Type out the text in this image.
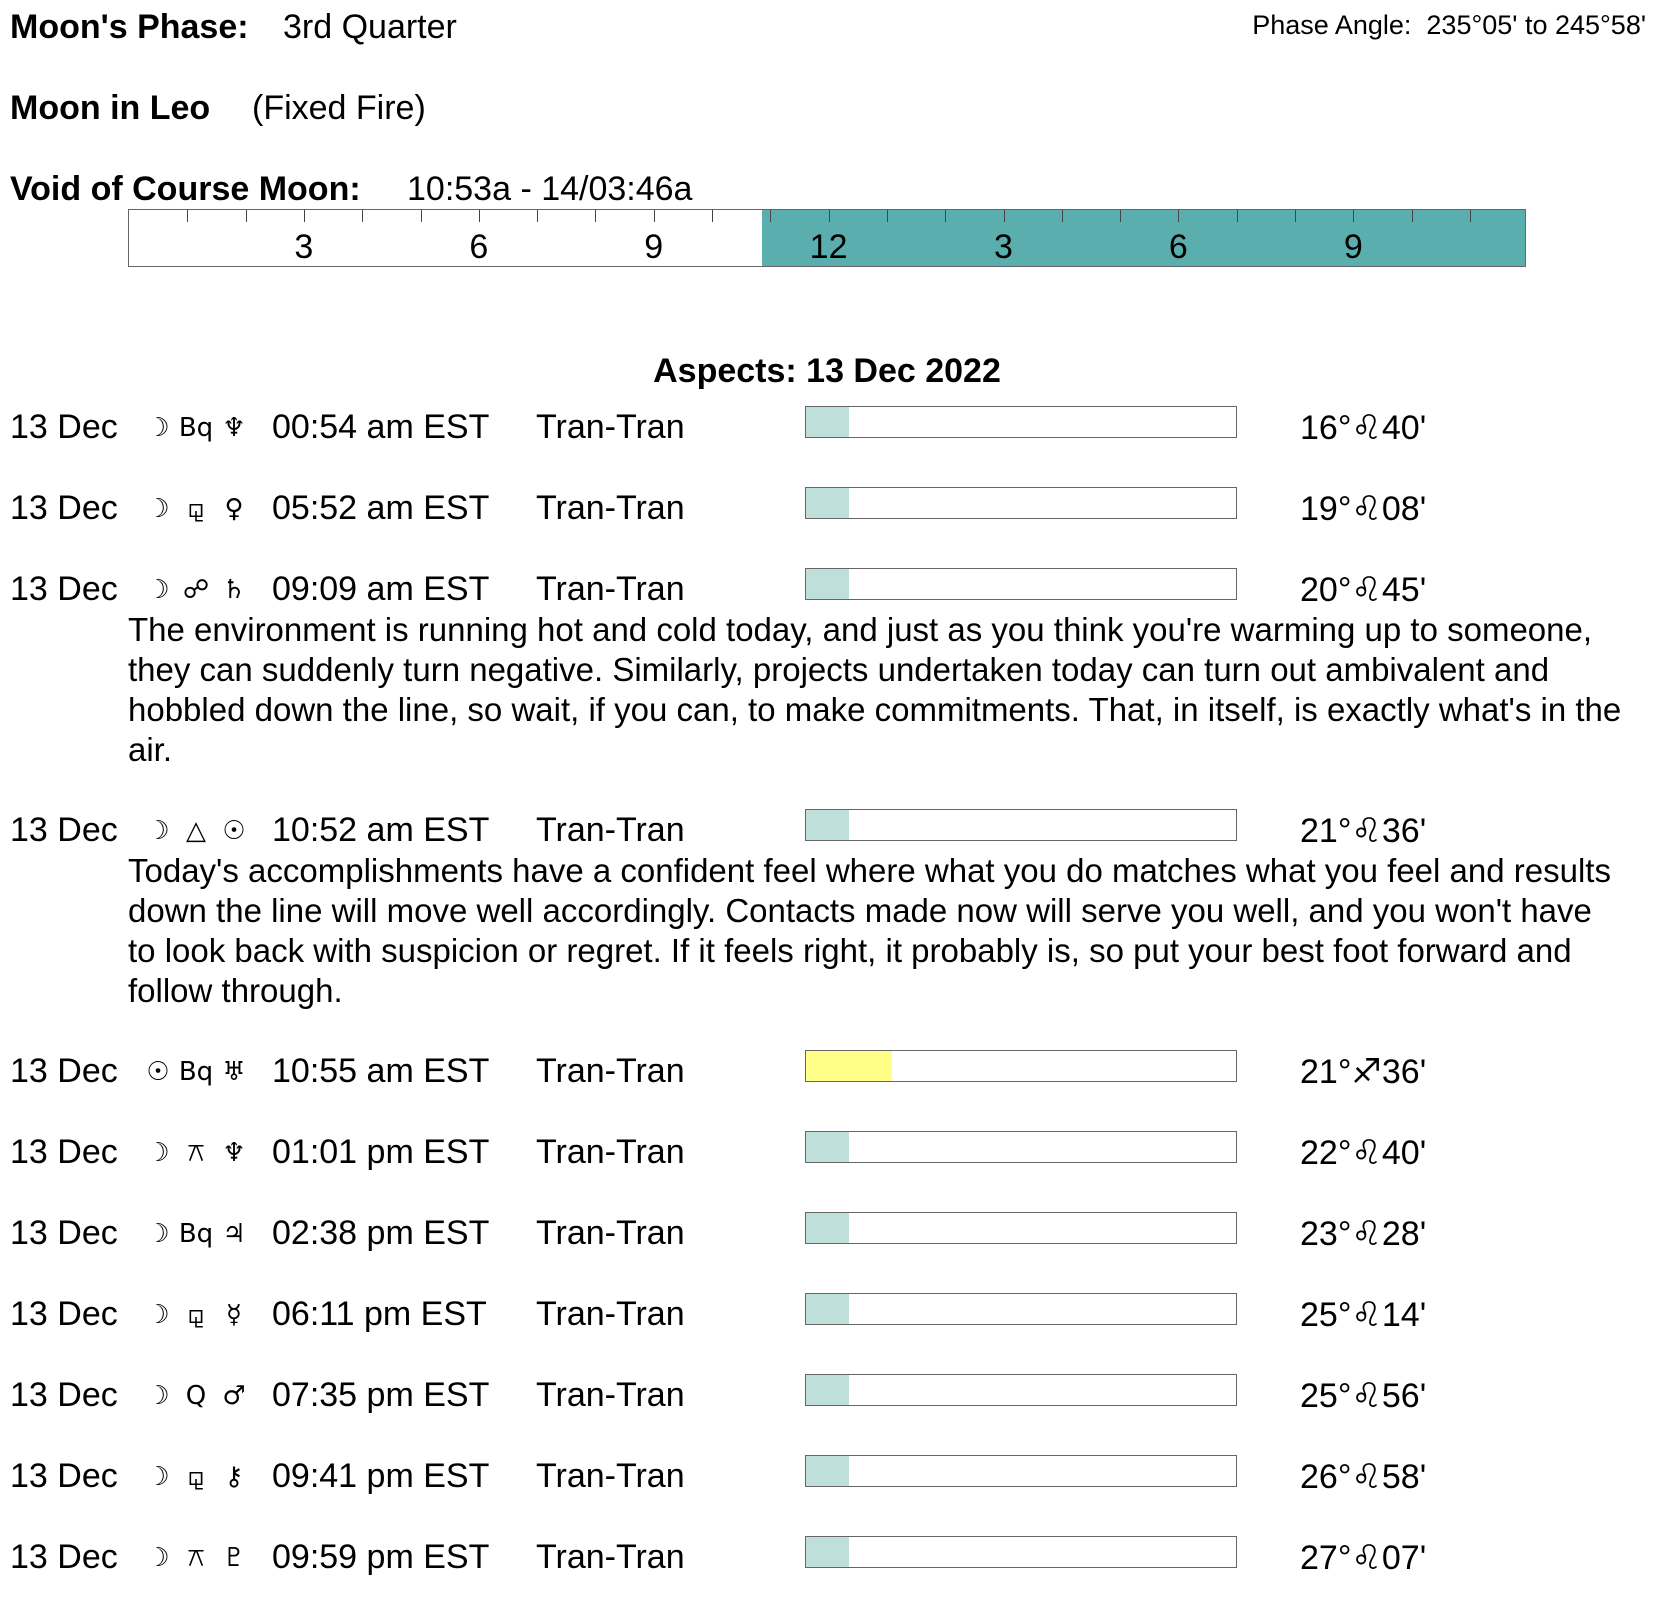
Moon's Phase: 3rd Quarter	Phase Angle: 235°05' to 245°58'
Moon in Leo (Fixed Fire)
Void of Course Moon: 10:53a - 14/03:46a
3	6	9	12	3	6	9
Aspects: 13 Dec 2022
13 Dec	☽ Bq ♆ 00:54 am EST Tran-Tran	16°♌40'
13 Dec	☽ ⚼ ♀ 05:52 am EST Tran-Tran	19°♌08'
13 Dec	☽ ☍ ♄ 09:09 am EST Tran-Tran	20°♌45'
The environment is running hot and cold today, and just as you think you're warming up to someone, they can suddenly turn negative. Similarly, projects undertaken today can turn out ambivalent and hobbled down the line, so wait, if you can, to make commitments. That, in itself, is exactly what's in the air.
13 Dec	☽ △ ☉ 10:52 am EST Tran-Tran	21°♌36'
Today's accomplishments have a confident feel where what you do matches what you feel and results down the line will move well accordingly. Contacts made now will serve you well, and you won't have to look back with suspicion or regret. If it feels right, it probably is, so put your best foot forward and follow through.
13 Dec	☉ Bq ♅ 10:55 am EST Tran-Tran	21°♐36'
13 Dec	☽ ⚻ ♆ 01:01 pm EST Tran-Tran	22°♌40'
13 Dec	☽ Bq ♃ 02:38 pm EST Tran-Tran	23°♌28'
13 Dec	☽ ⚼ ☿ 06:11 pm EST Tran-Tran	25°♌14'
13 Dec	☽ Q ♂ 07:35 pm EST Tran-Tran	25°♌56'
13 Dec	☽ ⚼ ⚷ 09:41 pm EST Tran-Tran	26°♌58'
13 Dec	☽ ⚻ ♇ 09:59 pm EST Tran-Tran	27°♌07'
